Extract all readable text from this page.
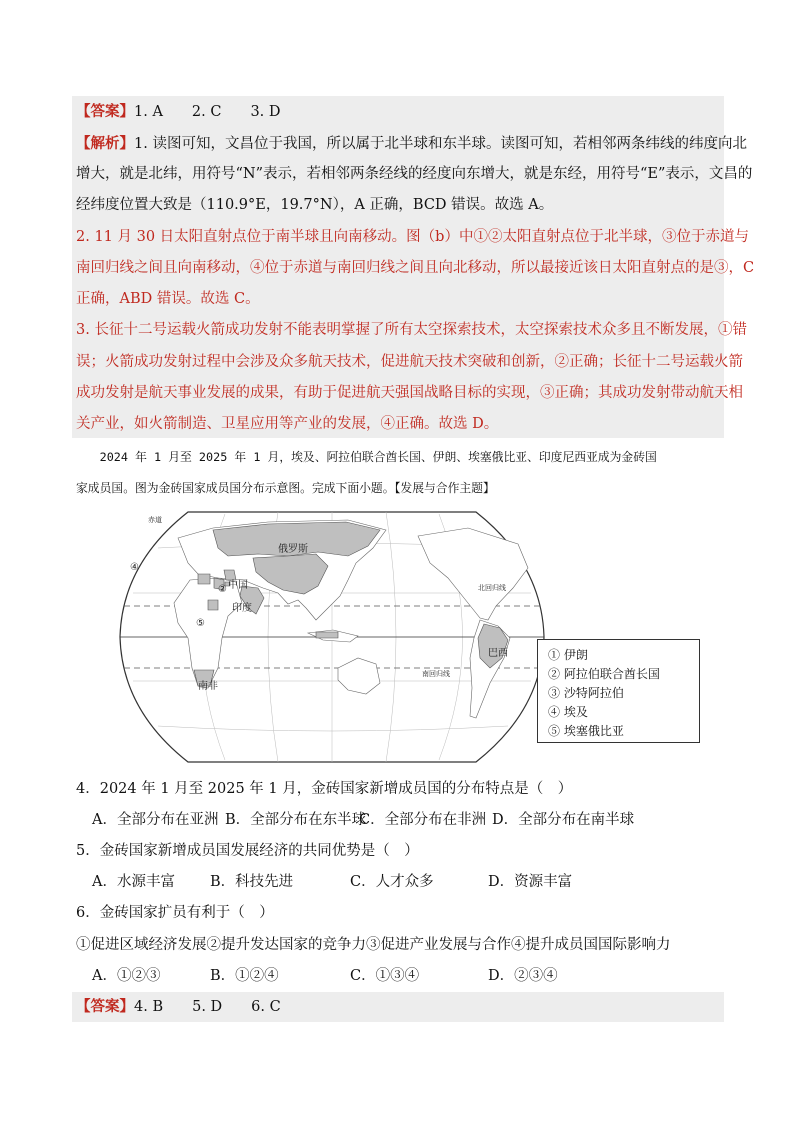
【答案】1. A　　2. C　　3. D
【解析】1. 读图可知，文昌位于我国，所以属于北半球和东半球。读图可知，若相邻两条纬线的纬度向北
增大，就是北纬，用符号“N”表示，若相邻两条经线的经度向东增大，就是东经，用符号“E”表示，文昌的
经纬度位置大致是（110.9°E，19.7°N），A 正确，BCD 错误。故选 A。
2. 11 月 30 日太阳直射点位于南半球且向南移动。图（b）中①②太阳直射点位于北半球，③位于赤道与
南回归线之间且向南移动，④位于赤道与南回归线之间且向北移动，所以最接近该日太阳直射点的是③，C
正确，ABD 错误。故选 C。
3. 长征十二号运载火箭成功发射不能表明掌握了所有太空探索技术，太空探索技术众多且不断发展，①错
误；火箭成功发射过程中会涉及众多航天技术，促进航天技术突破和创新，②正确；长征十二号运载火箭
成功发射是航天事业发展的成果，有助于促进航天强国战略目标的实现，③正确；其成功发射带动航天相
关产业，如火箭制造、卫星应用等产业的发展，④正确。故选 D。
　　2024 年 1 月至 2025 年 1 月，埃及、阿拉伯联合酋长国、伊朗、埃塞俄比亚、印度尼西亚成为金砖国
家成员国。图为金砖国家成员国分布示意图。完成下面小题。【发展与合作主题】
俄罗斯
中国
印度
巴西
南非
④
②
⑤
赤道
北回归线
南回归线
① 伊朗
② 阿拉伯联合酋长国
③ 沙特阿拉伯
④ 埃及
⑤ 埃塞俄比亚
4．2024 年 1 月至 2025 年 1 月，金砖国家新增成员国的分布特点是（　）
A．全部分布在亚洲 B．全部分布在东半球
C．全部分布在非洲 D．全部分布在南半球
5．金砖国家新增成员国发展经济的共同优势是（　）
A．水源丰富 B．科技先进	C．人才众多	D．资源丰富
6．金砖国家扩员有利于（　）
①促进区域经济发展②提升发达国家的竞争力③促进产业发展与合作④提升成员国国际影响力
A．①②③	B．①②④	C．①③④	D．②③④
【答案】4. B　　5. D　　6. C
